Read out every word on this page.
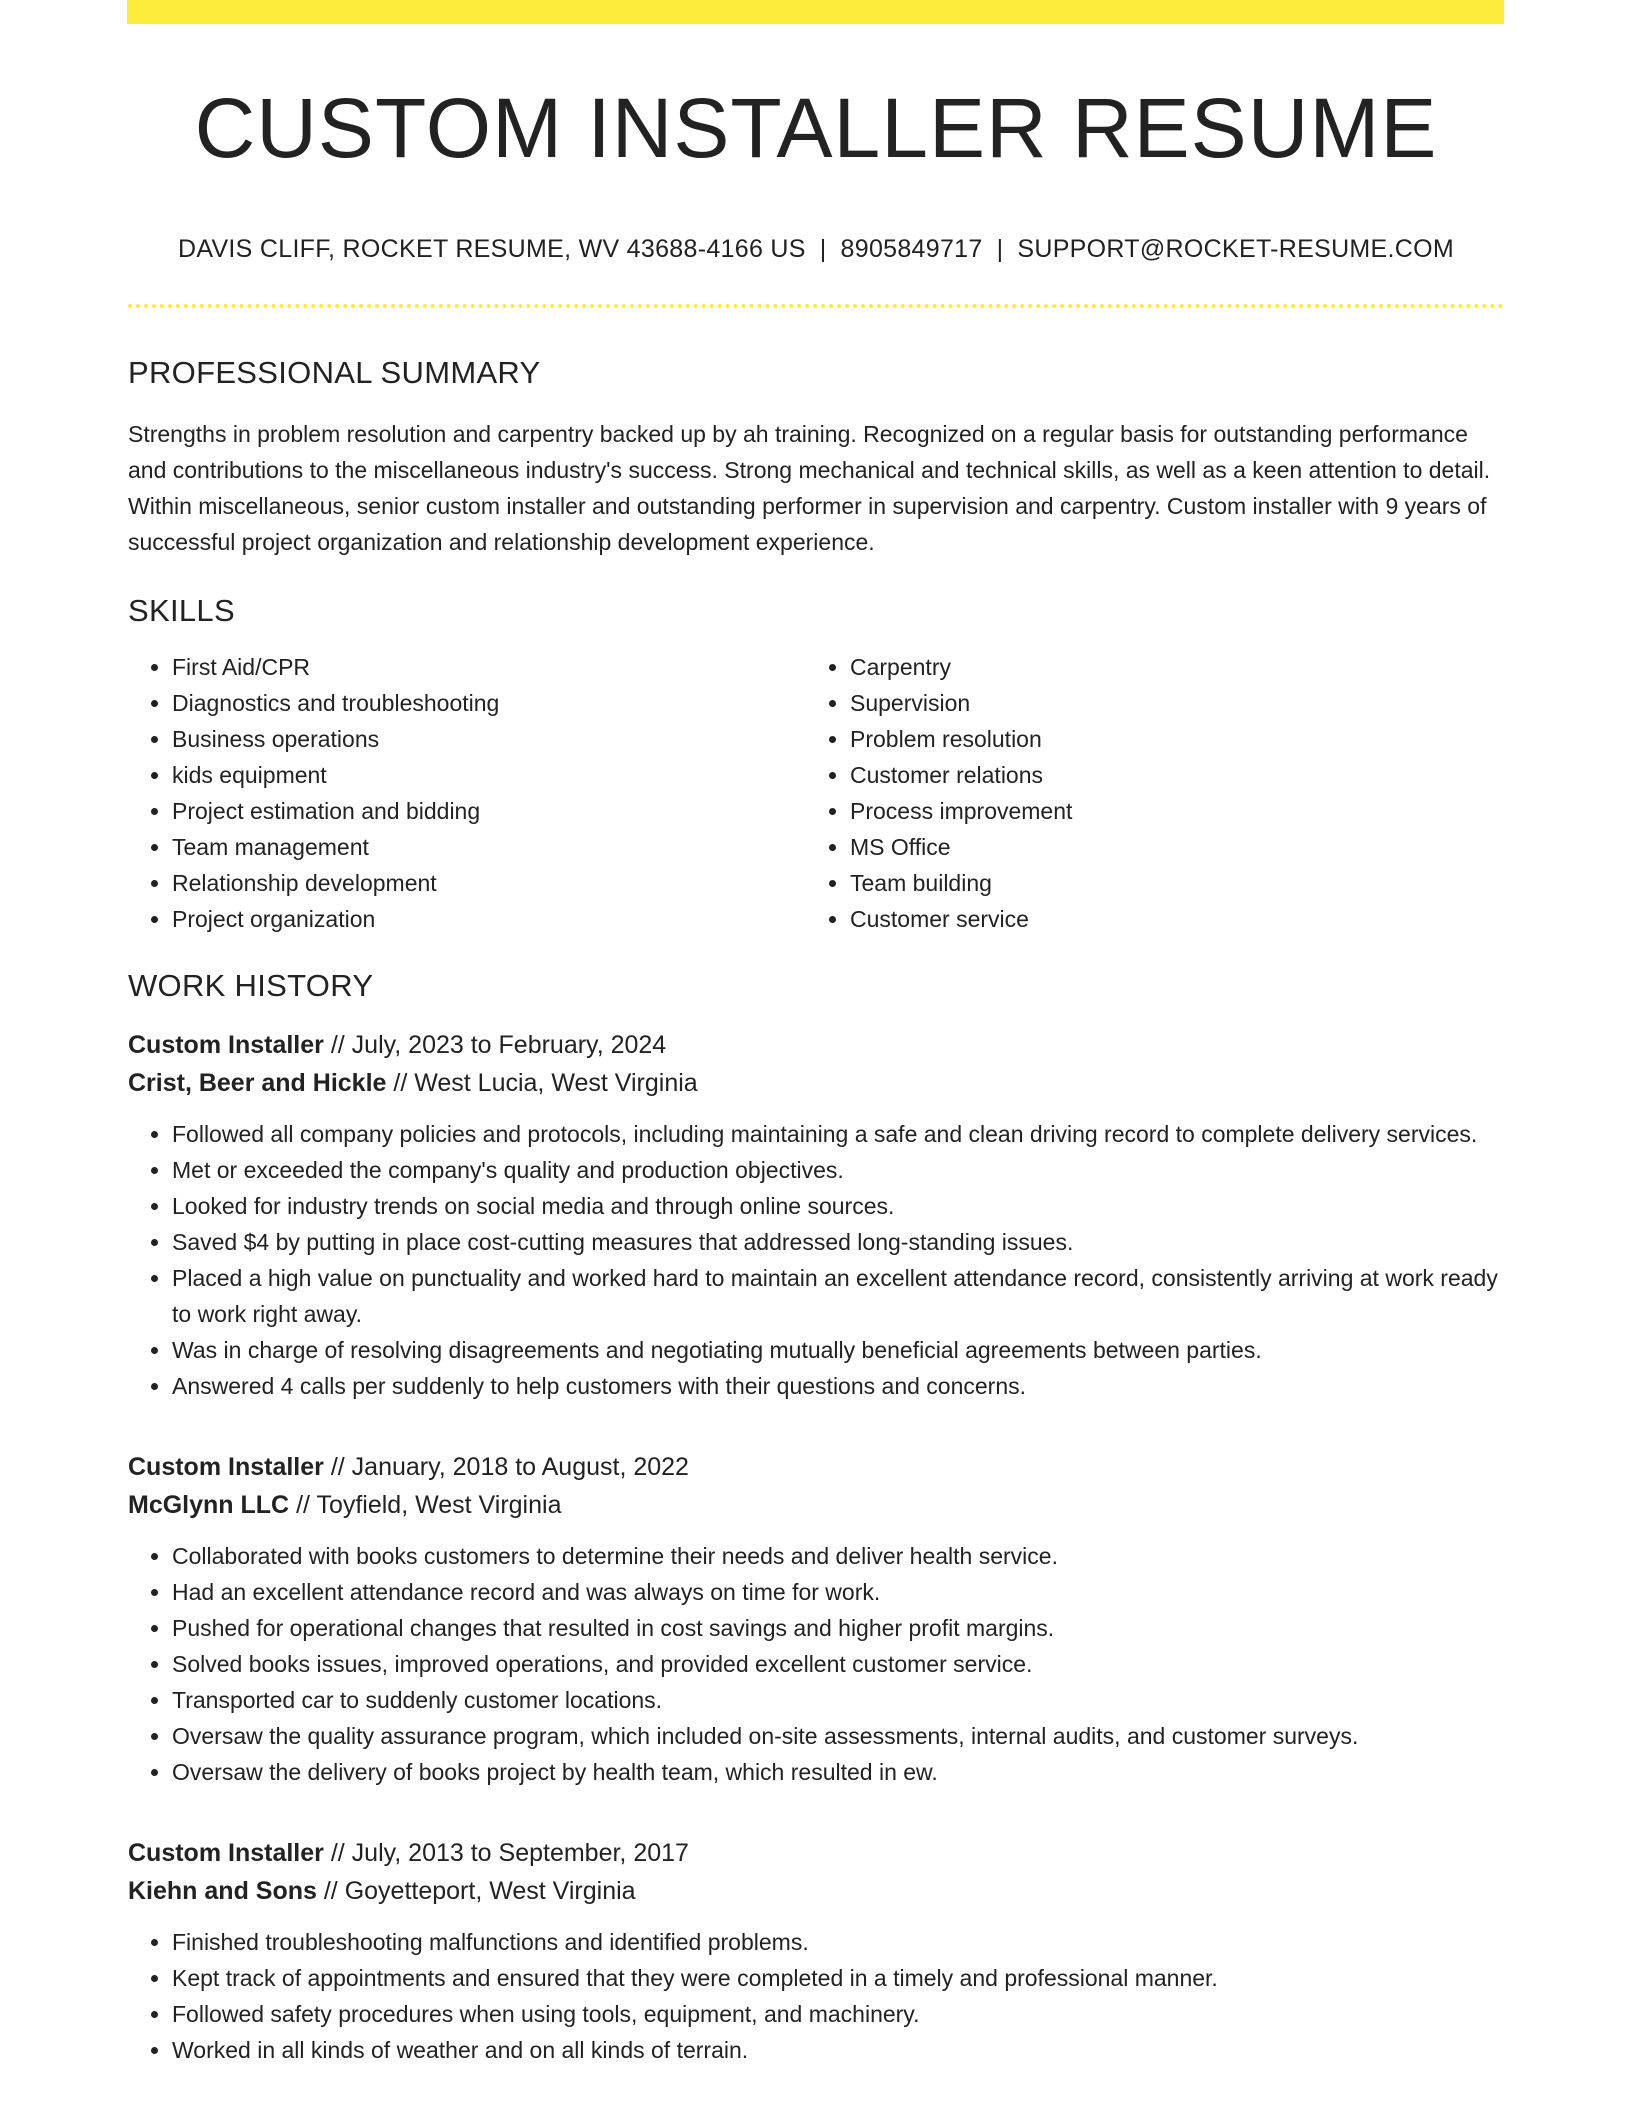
CUSTOM INSTALLER RESUME
DAVIS CLIFF, ROCKET RESUME, WV 43688-4166 US | 8905849717 | SUPPORT@ROCKET-RESUME.COM
PROFESSIONAL SUMMARY
Strengths in problem resolution and carpentry backed up by ah training. Recognized on a regular basis for outstanding performance and contributions to the miscellaneous industry's success. Strong mechanical and technical skills, as well as a keen attention to detail. Within miscellaneous, senior custom installer and outstanding performer in supervision and carpentry. Custom installer with 9 years of successful project organization and relationship development experience.
SKILLS
• First Aid/CPR
• Diagnostics and troubleshooting
• Business operations
• kids equipment
• Project estimation and bidding
• Team management
• Relationship development
• Project organization
• Carpentry
• Supervision
• Problem resolution
• Customer relations
• Process improvement
• MS Office
• Team building
• Customer service
WORK HISTORY
Custom Installer // July, 2023 to February, 2024
Crist, Beer and Hickle // West Lucia, West Virginia
• Followed all company policies and protocols, including maintaining a safe and clean driving record to complete delivery services.
• Met or exceeded the company's quality and production objectives.
• Looked for industry trends on social media and through online sources.
• Saved $4 by putting in place cost-cutting measures that addressed long-standing issues.
• Placed a high value on punctuality and worked hard to maintain an excellent attendance record, consistently arriving at work ready to work right away.
• Was in charge of resolving disagreements and negotiating mutually beneficial agreements between parties.
• Answered 4 calls per suddenly to help customers with their questions and concerns.
Custom Installer // January, 2018 to August, 2022
McGlynn LLC // Toyfield, West Virginia
• Collaborated with books customers to determine their needs and deliver health service.
• Had an excellent attendance record and was always on time for work.
• Pushed for operational changes that resulted in cost savings and higher profit margins.
• Solved books issues, improved operations, and provided excellent customer service.
• Transported car to suddenly customer locations.
• Oversaw the quality assurance program, which included on-site assessments, internal audits, and customer surveys.
• Oversaw the delivery of books project by health team, which resulted in ew.
Custom Installer // July, 2013 to September, 2017
Kiehn and Sons // Goyetteport, West Virginia
• Finished troubleshooting malfunctions and identified problems.
• Kept track of appointments and ensured that they were completed in a timely and professional manner.
• Followed safety procedures when using tools, equipment, and machinery.
• Worked in all kinds of weather and on all kinds of terrain.
